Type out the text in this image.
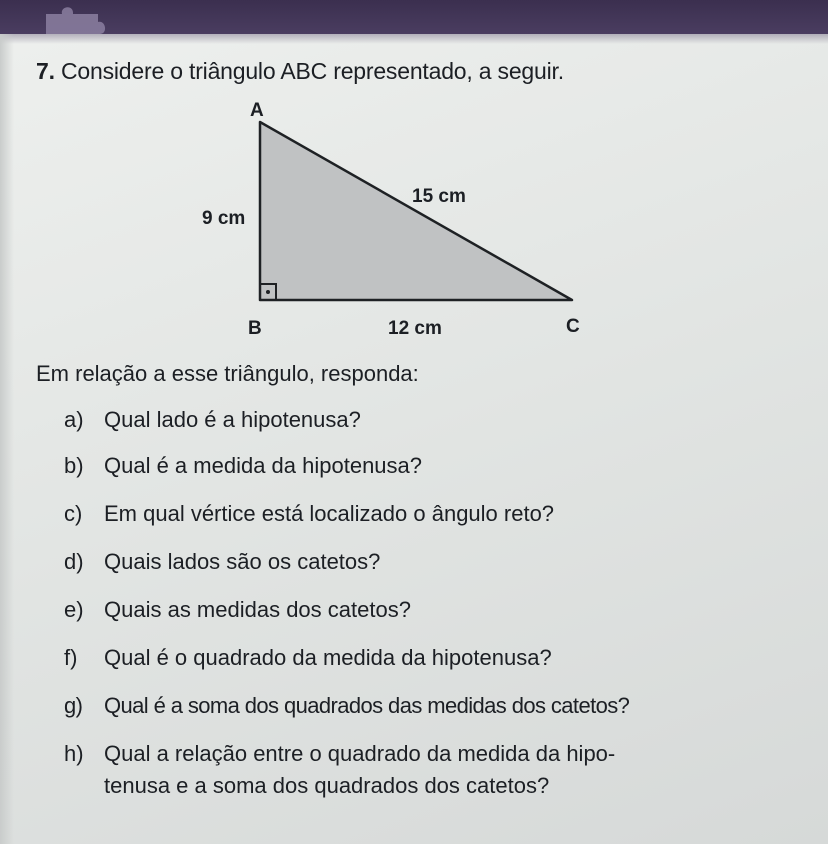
7. Considere o triângulo ABC representado, a seguir.
A
B	C
9 cm
15 cm
12 cm
Em relação a esse triângulo, responda:
a) Qual lado é a hipotenusa?
b) Qual é a medida da hipotenusa?
c) Em qual vértice está localizado o ângulo reto?
d) Quais lados são os catetos?
e) Quais as medidas dos catetos?
f) Qual é o quadrado da medida da hipotenusa?
g) Qual é a soma dos quadrados das medidas dos catetos?
h) Qual a relação entre o quadrado da medida da hipo-
tenusa e a soma dos quadrados dos catetos?
